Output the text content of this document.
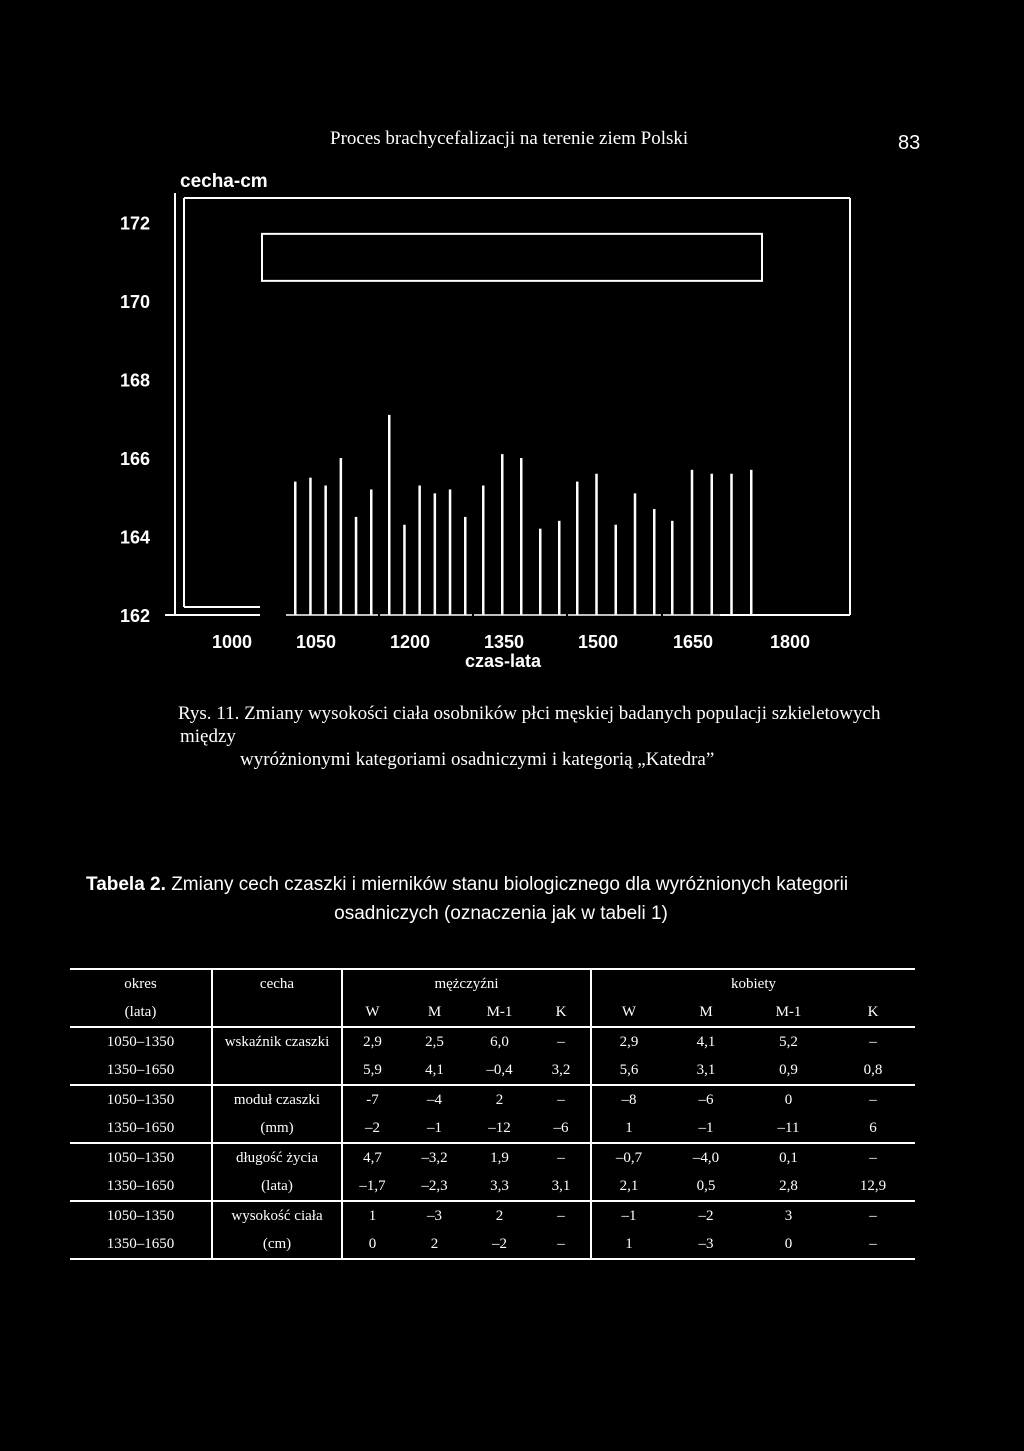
Proces brachycefalizacji na terenie ziem Polski	83
172
170
168
166
164
162
1000 1050	1200	1350	1500	1650	1800
cecha-cm
czas-lata
Rys. 11. Zmiany wysokości ciała osobników płci męskiej badanych populacji szkieletowych między
wyróżnionymi kategoriami osadniczymi i kategorią „Katedra”
Tabela 2. Zmiany cech czaszki i mierników stanu biologicznego dla wyróżnionych kategorii
osadniczych (oznaczenia jak w tabeli 1)
okres	cecha	mężczyźni				kobiety			
(lata)		W	M	M-1	K	W	M	M-1	K
1050–1350	wskaźnik czaszki	2,9	2,5	6,0	–	2,9	4,1	5,2	–
1350–1650		5,9	4,1	–0,4	3,2	5,6	3,1	0,9	0,8
1050–1350	moduł czaszki	-7	–4	2	–	–8	–6	0	–
1350–1650	(mm)	–2	–1	–12	–6	1	–1	–11	6
1050–1350	długość życia	4,7	–3,2	1,9	–	–0,7	–4,0	0,1	–
1350–1650	(lata)	–1,7	–2,3	3,3	3,1	2,1	0,5	2,8	12,9
1050–1350	wysokość ciała	1	–3	2	–	–1	–2	3	–
1350–1650	(cm)	0	2	–2	–	1	–3	0	–
